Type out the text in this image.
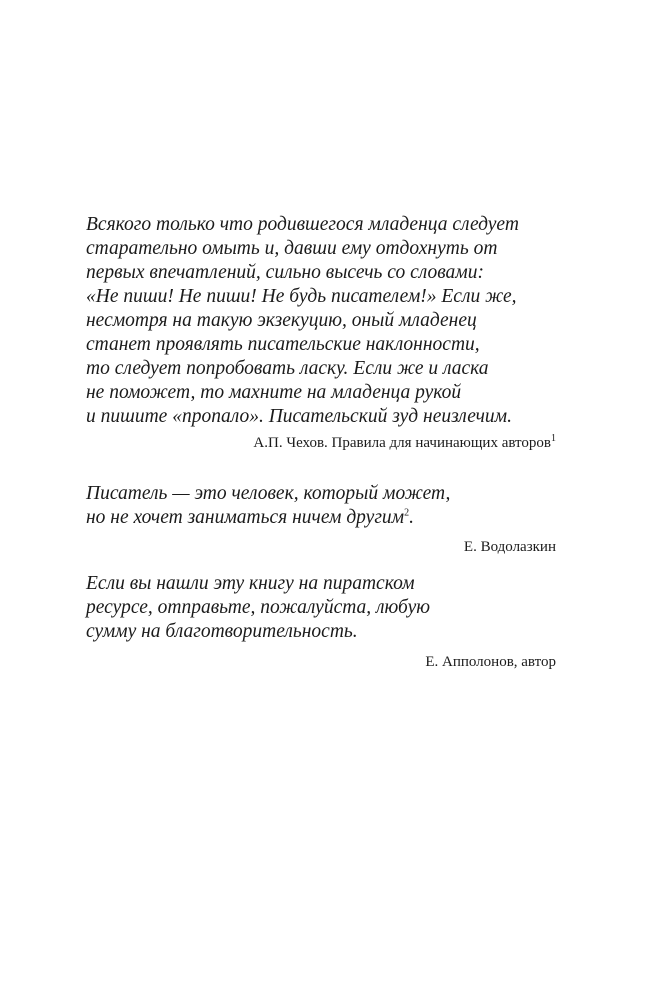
Всякого только что родившегося младенца следует
старательно омыть и, давши ему отдохнуть от
первых впечатлений, сильно высечь со словами:
«Не пиши! Не пиши! Не будь писателем!» Если же,
несмотря на такую экзекуцию, оный младенец
станет проявлять писательские наклонности,
то следует попробовать ласку. Если же и ласка
не поможет, то махните на младенца рукой
и пишите «пропало». Писательский зуд неизлечим.

А.П. Чехов. Правила для начинающих авторов$^1$

Писатель — это человек, который может,
но не хочет заниматься ничем другим$^2$.

Е. Водолазкин

Если вы нашли эту книгу на пиратском
ресурсе, отправьте, пожалуйста, любую
сумму на благотворительность.

Е. Апполонов, автор
